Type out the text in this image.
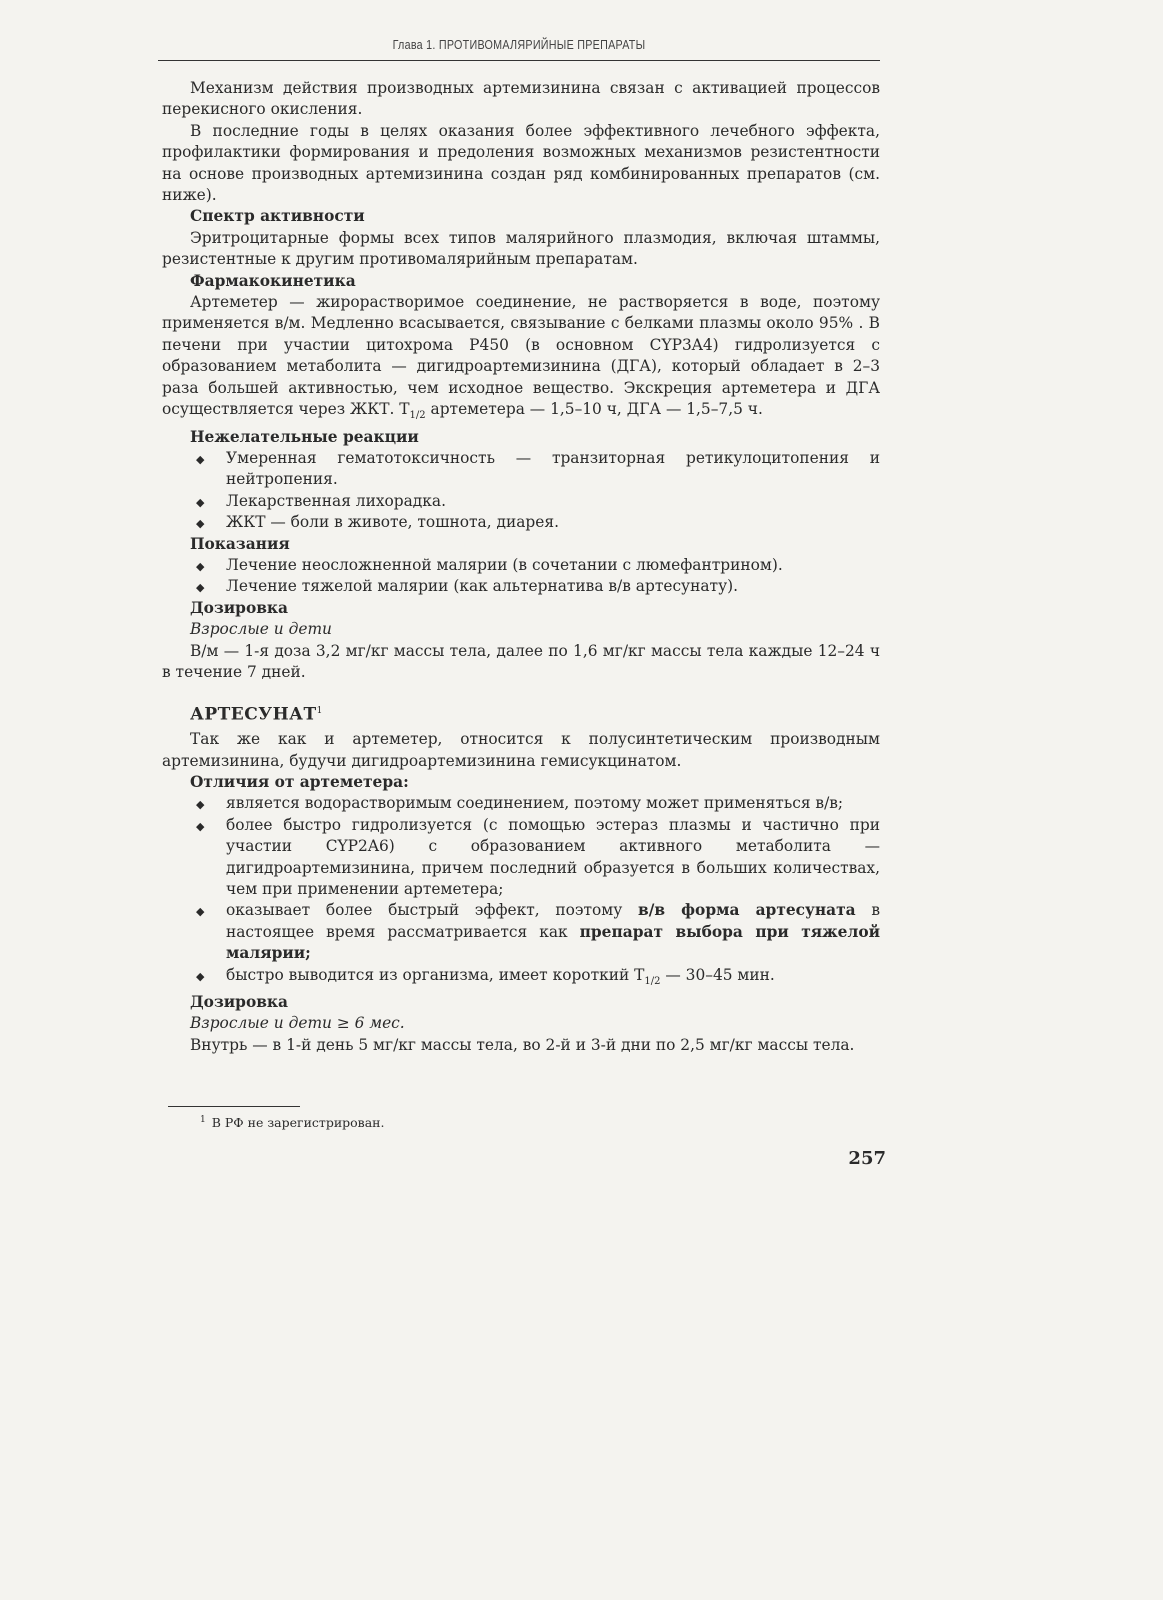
Глава 1. ПРОТИВОМАЛЯРИЙНЫЕ ПРЕПАРАТЫ

Механизм действия производных артемизинина связан с активацией процессов перекисного окисления.

В последние годы в целях оказания более эффективного лечебного эффекта, профилактики формирования и предоления возможных механизмов резистентности на основе производных артемизинина создан ряд комбинированных препаратов (см. ниже).

Спектр активности

Эритроцитарные формы всех типов малярийного плазмодия, включая штаммы, резистентные к другим противомалярийным препаратам.

Фармакокинетика

Артеметер — жирорастворимое соединение, не растворяется в воде, поэтому применяется в/м. Медленно всасывается, связывание с белками плазмы около 95% . В печени при участии цитохрома Р450 (в основном CYP3A4) гидролизуется с образованием метаболита — дигидроартемизинина (ДГА), который обладает в 2–3 раза большей активностью, чем исходное вещество. Экскреция артеметера и ДГА осуществляется через ЖКТ. $T_{1/2}$ артеметера — 1,5–10 ч, ДГА — 1,5–7,5 ч.

Нежелательные реакции

◆ Умеренная гематотоксичность — транзиторная ретикулоцитопения и нейтропения.
◆ Лекарственная лихорадка.
◆ ЖКТ — боли в животе, тошнота, диарея.

Показания

◆ Лечение неосложненной малярии (в сочетании с люмефантрином).
◆ Лечение тяжелой малярии (как альтернатива в/в артесунату).

Дозировка

Взрослые и дети

В/м — 1-я доза 3,2 мг/кг массы тела, далее по 1,6 мг/кг массы тела каждые 12–24 ч в течение 7 дней.

АРТЕСУНАТ$^1$

Так же как и артеметер, относится к полусинтетическим производным артемизинина, будучи дигидроартемизинина гемисукцинатом.

Отличия от артеметера:

◆ является водорастворимым соединением, поэтому может применяться в/в;
◆ более быстро гидролизуется (с помощью эстераз плазмы и частично при участии CYP2A6) с образованием активного метаболита — дигидроартемизинина, причем последний образуется в больших количествах, чем при применении артеметера;
◆ оказывает более быстрый эффект, поэтому в/в форма артесуната в настоящее время рассматривается как препарат выбора при тяжелой малярии;
◆ быстро выводится из организма, имеет короткий $T_{1/2}$ — 30–45 мин.

Дозировка

Взрослые и дети ≥ 6 мес.

Внутрь — в 1-й день 5 мг/кг массы тела, во 2-й и 3-й дни по 2,5 мг/кг массы тела.

$^1$ В РФ не зарегистрирован.
257
